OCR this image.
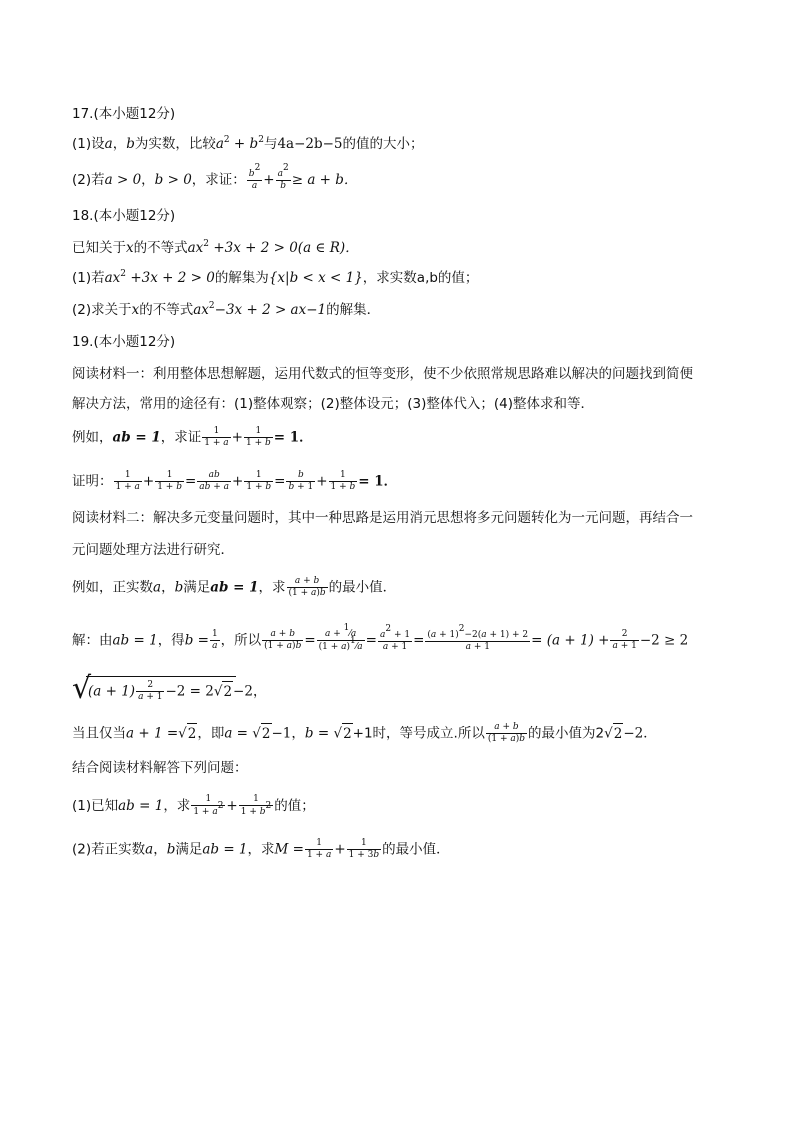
17.(本小题12分)
(1)设a，b为实数，比较$a^2 + b^2$与4a−2b−5的值的大小；
(2)若a > 0，b > 0，求证： $\frac{b^2}{a} + \frac{a^2}{b} \ge a + b$．
18.(本小题12分)
已知关于x的不等式$ax^2 +3x + 2 > 0(a$ ∈ R)．
(1)若$ax^2 +3x + 2 > 0$的解集为{x|b < x < 1}，求实数a,b的值；
(2)求关于x的不等式$ax^2-3x + 2 > ax-1$的解集．
19.(本小题12分)
阅读材料一：利用整体思想解题，运用代数式的恒等变形，使不少依照常规思路难以解决的问题找到简便
解决方法，常用的途径有：(1)整体观察；(2)整体设元；(3)整体代入；(4)整体求和等．
例如，ab = 1，求证 $\frac{1}{1 + a} + \frac{1}{1 + b} = 1$．
证明： $\frac{1}{1 + a} + \frac{1}{1 + b} = \frac{ab}{ab + a} + \frac{1}{1 + b} = \frac{b}{b + 1} + \frac{1}{1 + b} = 1$．
阅读材料二：解决多元变量问题时，其中一种思路是运用消元思想将多元问题转化为一元问题，再结合一
元问题处理方法进行研究．
例如，正实数a，b满足ab = 1，求 $\frac{a + b}{(1 + a)b}$ 的最小值．
解：由ab = 1，得$b = \frac{1}{a}$ ，所以 $\frac{a + b}{(1 + a)b} = \frac{a + ^1⁄a}{(1 + a)^1⁄a} = \frac{a^2 + 1}{a + 1} = \frac{(a + 1)^2-2(a + 1) + 2}{a + 1} = (a + 1) + \frac{2}{a + 1} -2 \ge 2$
√
$(a + 1) \frac{2}{a + 1} -2 = 2√2-2$，
当且仅当a + 1 =√2，即a = √2−1，b = √2+1时，等号成立.所以 $\frac{a + b}{(1 + a)b}$ 的最小值为2√2−2．
结合阅读材料解答下列问题：
(1)已知ab = 1，求 $\frac{1}{1 + a^2} + \frac{1}{1 + b^2}$ 的值；
(2)若正实数a，b满足ab = 1，求$M = \frac{1}{1 + a} + \frac{1}{1 + 3b}$ 的最小值．
